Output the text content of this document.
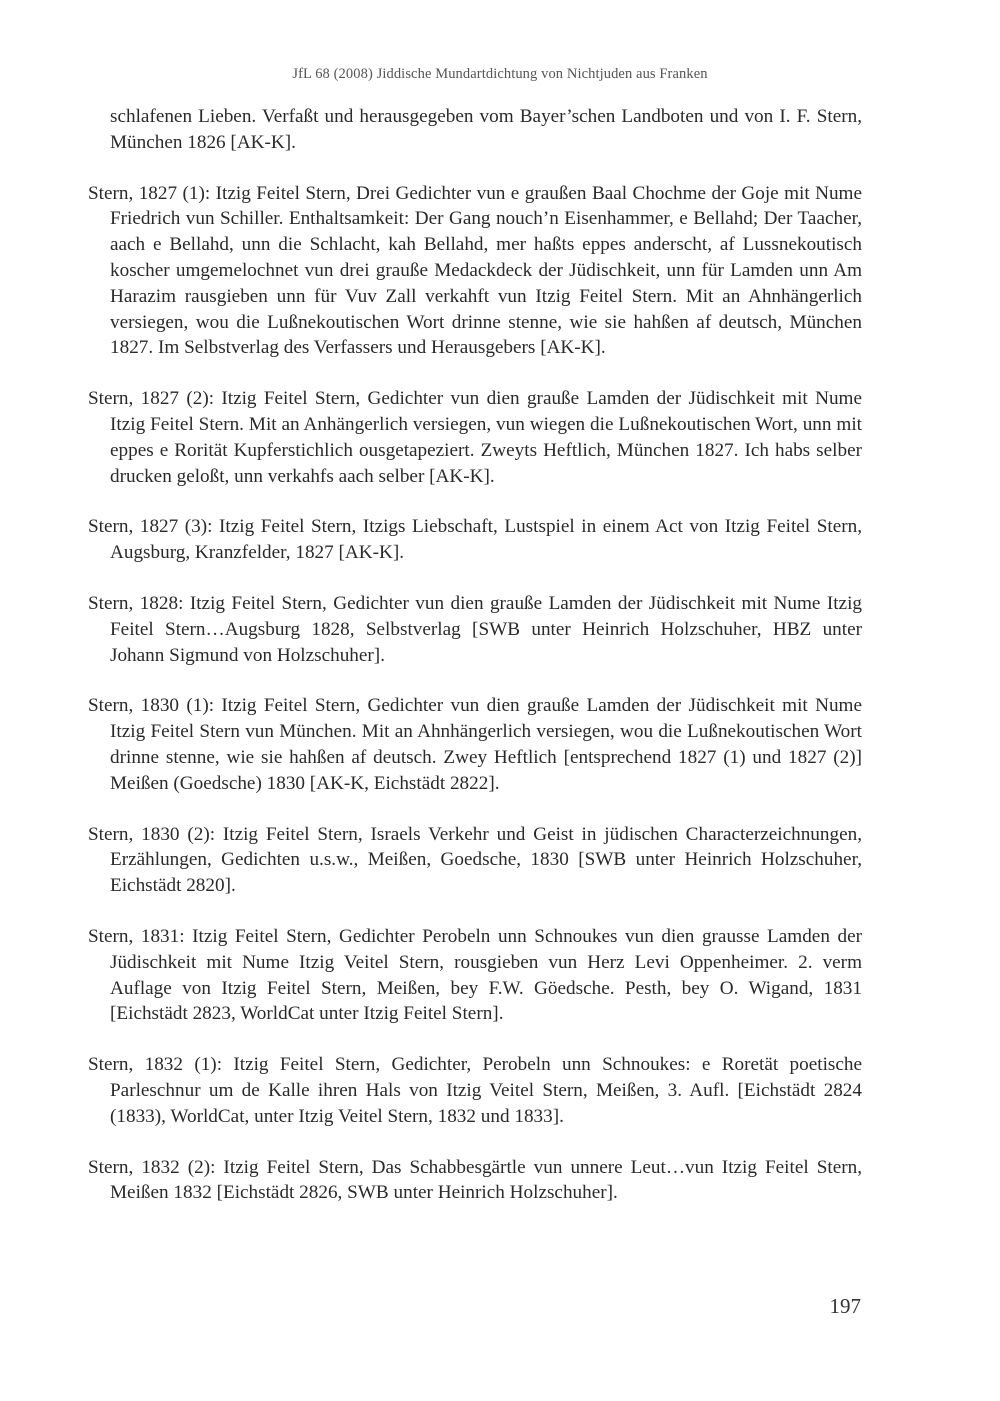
JfL 68 (2008) Jiddische Mundartdichtung von Nichtjuden aus Franken

schlafenen Lieben. Verfaßt und herausgegeben vom Bayer’schen Landboten und von I. F. Stern, München 1826 [AK-K].

Stern, 1827 (1): Itzig Feitel Stern, Drei Gedichter vun e graußen Baal Chochme der Goje mit Nume Friedrich vun Schiller. Enthaltsamkeit: Der Gang nouch’n Eisenhammer, e Bellahd; Der Taacher, aach e Bellahd, unn die Schlacht, kah Bellahd, mer haßts eppes anderscht, af Lussnekoutisch koscher umgemelochnet vun drei grauße Medackdeck der Jüdischkeit, unn für Lamden unn Am Harazim rausgieben unn für Vuv Zall verkahft vun Itzig Feitel Stern. Mit an Ahnhängerlich versiegen, wou die Lußnekoutischen Wort drinne stenne, wie sie hahßen af deutsch, München 1827. Im Selbstverlag des Verfassers und Herausgebers [AK-K].

Stern, 1827 (2): Itzig Feitel Stern, Gedichter vun dien grauße Lamden der Jüdischkeit mit Nume Itzig Feitel Stern. Mit an Anhängerlich versiegen, vun wiegen die Lußnekoutischen Wort, unn mit eppes e Rorität Kupferstichlich ousgetapeziert. Zweyts Heftlich, München 1827. Ich habs selber drucken geloßt, unn verkahfs aach selber [AK-K].

Stern, 1827 (3): Itzig Feitel Stern, Itzigs Liebschaft, Lustspiel in einem Act von Itzig Feitel Stern, Augsburg, Kranzfelder, 1827 [AK-K].

Stern, 1828: Itzig Feitel Stern, Gedichter vun dien grauße Lamden der Jüdischkeit mit Nume Itzig Feitel Stern…Augsburg 1828, Selbstverlag [SWB unter Heinrich Holzschuher, HBZ unter Johann Sigmund von Holzschuher].

Stern, 1830 (1): Itzig Feitel Stern, Gedichter vun dien grauße Lamden der Jüdischkeit mit Nume Itzig Feitel Stern vun München. Mit an Ahnhängerlich versiegen, wou die Lußnekoutischen Wort drinne stenne, wie sie hahßen af deutsch. Zwey Heftlich [entsprechend 1827 (1) und 1827 (2)] Meißen (Goedsche) 1830 [AK-K, Eichstädt 2822].

Stern, 1830 (2): Itzig Feitel Stern, Israels Verkehr und Geist in jüdischen Characterzeichnungen, Erzählungen, Gedichten u.s.w., Meißen, Goedsche, 1830 [SWB unter Heinrich Holzschuher, Eichstädt 2820].

Stern, 1831: Itzig Feitel Stern, Gedichter Perobeln unn Schnoukes vun dien grausse Lamden der Jüdischkeit mit Nume Itzig Veitel Stern, rousgieben vun Herz Levi Oppenheimer. 2. verm Auflage von Itzig Feitel Stern, Meißen, bey F.W. Göedsche. Pesth, bey O. Wigand, 1831 [Eichstädt 2823, WorldCat unter Itzig Feitel Stern].

Stern, 1832 (1): Itzig Feitel Stern, Gedichter, Perobeln unn Schnoukes: e Roretät poetische Parleschnur um de Kalle ihren Hals von Itzig Veitel Stern, Meißen, 3. Aufl. [Eichstädt 2824 (1833), WorldCat, unter Itzig Veitel Stern, 1832 und 1833].

Stern, 1832 (2): Itzig Feitel Stern, Das Schabbesgärtle vun unnere Leut…vun Itzig Feitel Stern, Meißen 1832 [Eichstädt 2826, SWB unter Heinrich Holzschuher].

197
